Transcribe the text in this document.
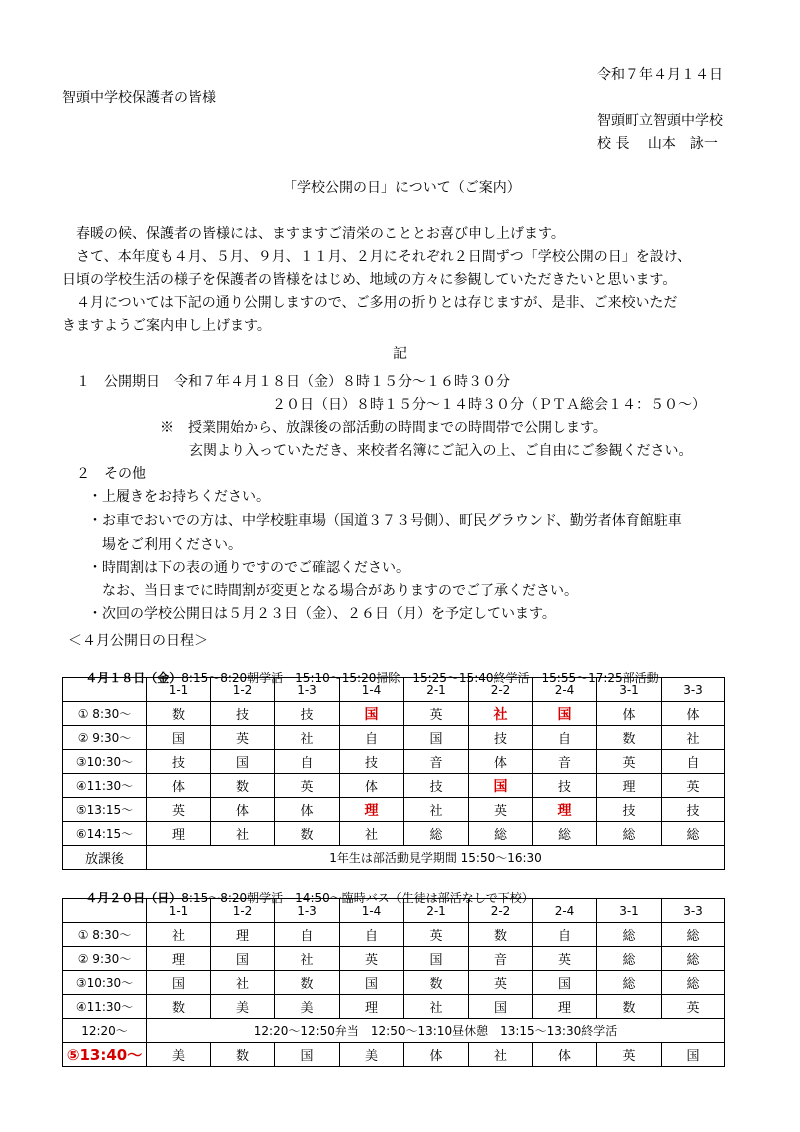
令和７年４月１４日
智頭中学校保護者の皆様
智頭町立智頭中学校
校 長　 山本　詠一
「学校公開の日」について（ご案内）
　春暖の候、保護者の皆様には、ますますご清栄のこととお喜び申し上げます。
　さて、本年度も４月、５月、９月、１１月、２月にそれぞれ２日間ずつ「学校公開の日」を設け、
日頃の学校生活の様子を保護者の皆様をはじめ、地域の方々に参観していただきたいと思います。
　４月については下記の通り公開しますので、ご多用の折りとは存じますが、是非、ご来校いただ
きますようご案内申し上げます。
記
１　公開期日　令和７年４月１８日（金）８時１５分～１６時３０分
２０日（日）８時１５分～１４時３０分（ＰＴＡ総会１４：５０～）
※　授業開始から、放課後の部活動の時間までの時間帯で公開します。
玄関より入っていただき、来校者名簿にご記入の上、ご自由にご参観ください。
２　その他
・上履きをお持ちください。
・お車でおいでの方は、中学校駐車場（国道３７３号側）、町民グラウンド、勤労者体育館駐車
　場をご利用ください。
・時間割は下の表の通りですのでご確認ください。
　なお、当日までに時間割が変更となる場合がありますのでご了承ください。
・次回の学校公開日は５月２３日（金）、２６日（月）を予定しています。
＜４月公開日の日程＞

４月１８日（金）8:15～8:20朝学活　15:10～15:20掃除　15:25～15:40終学活　15:55～17:25部活動

	1-1	1-2	1-3	1-4	2-1	2-2	2-4	3-1	3-3
① 8:30～	数	技	技	国	英	社	国	体	体
② 9:30～	国	英	社	自	国	技	自	数	社
③10:30～	技	国	自	技	音	体	音	英	自
④11:30～	体	数	英	体	技	国	技	理	英
⑤13:15～	英	体	体	理	社	英	理	技	技
⑥14:15～	理	社	数	社	総	総	総	総	総
放課後	1年生は部活動見学期間 15:50～16:30								

４月２０日（日）8:15～8:20朝学活　14:50～臨時バス（生徒は部活なしで下校）

	1-1	1-2	1-3	1-4	2-1	2-2	2-4	3-1	3-3
① 8:30～	社	理	自	自	英	数	自	総	総
② 9:30～	理	国	社	英	国	音	英	総	総
③10:30～	国	社	数	国	数	英	国	総	総
④11:30～	数	美	美	理	社	国	理	数	英
12:20～	12:20～12:50弁当　12:50～13:10昼休憩　13:15～13:30終学活								
⑤13:40～	美	数	国	美	体	社	体	英	国
